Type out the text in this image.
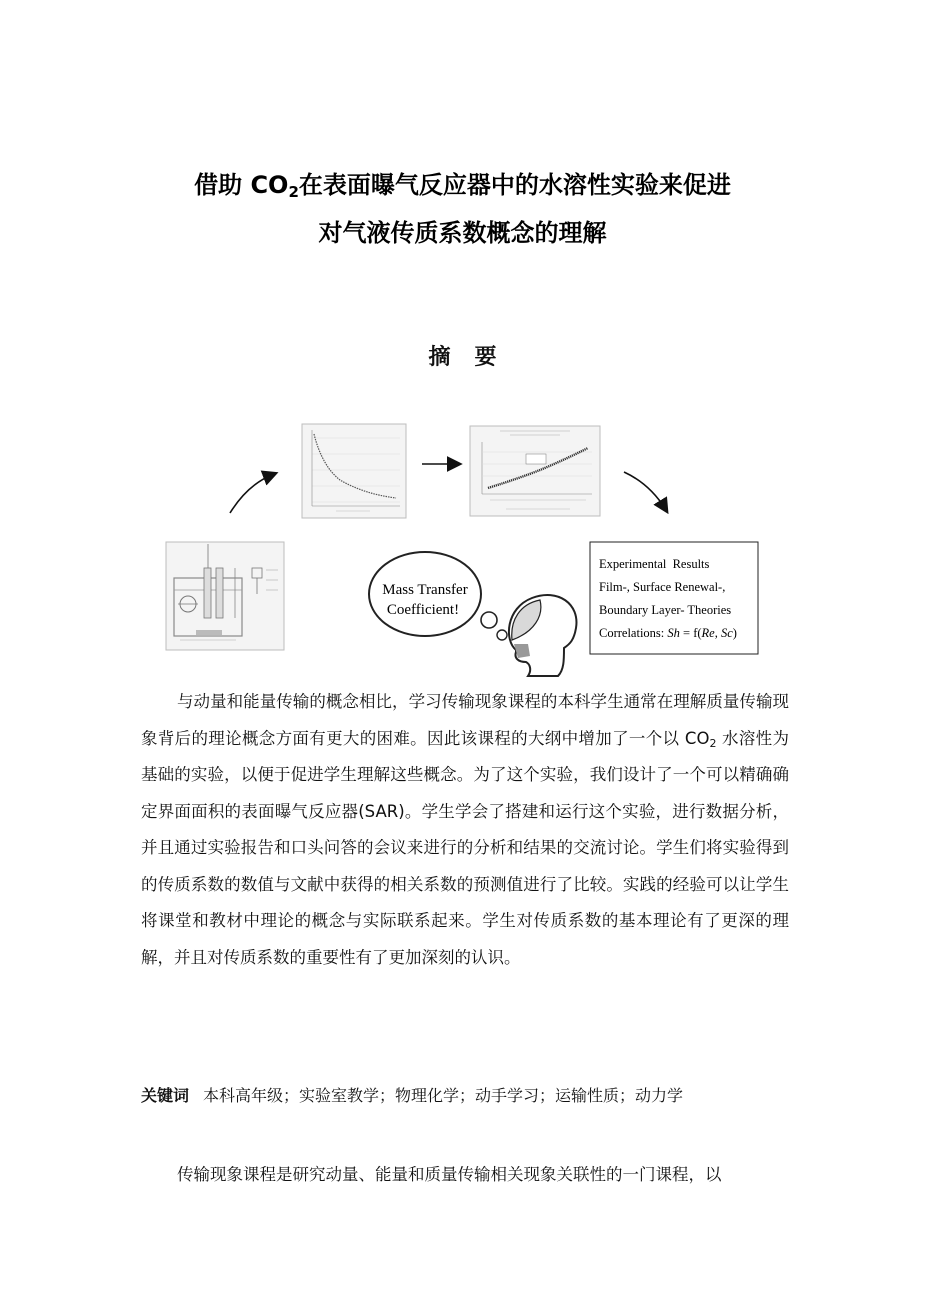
借助 $CO_2$在表面曝气反应器中的水溶性实验来促进
对气液传质系数概念的理解
摘要
Mass Transfer
Coefficient!
Experimental  Results
Film-, Surface Renewal-,
Boundary Layer- Theories
Correlations: Sh = f(Re, Sc)

与动量和能量传输的概念相比，学习传输现象课程的本科学生通常在理解质量传输现象背后的理论概念方面有更大的困难。因此该课程的大纲中增加了一个以 $CO_2$ 水溶性为基础的实验，以便于促进学生理解这些概念。为了这个实验，我们设计了一个可以精确确定界面面积的表面曝气反应器(SAR)。学生学会了搭建和运行这个实验，进行数据分析，并且通过实验报告和口头问答的会议来进行的分析和结果的交流讨论。学生们将实验得到的传质系数的数值与文献中获得的相关系数的预测值进行了比较。实践的经验可以让学生将课堂和教材中理论的概念与实际联系起来。学生对传质系数的基本理论有了更深的理解，并且对传质系数的重要性有了更加深刻的认识。

关键词 本科高年级；实验室教学；物理化学；动手学习；运输性质；动力学
传输现象课程是研究动量、能量和质量传输相关现象关联性的一门课程，以
